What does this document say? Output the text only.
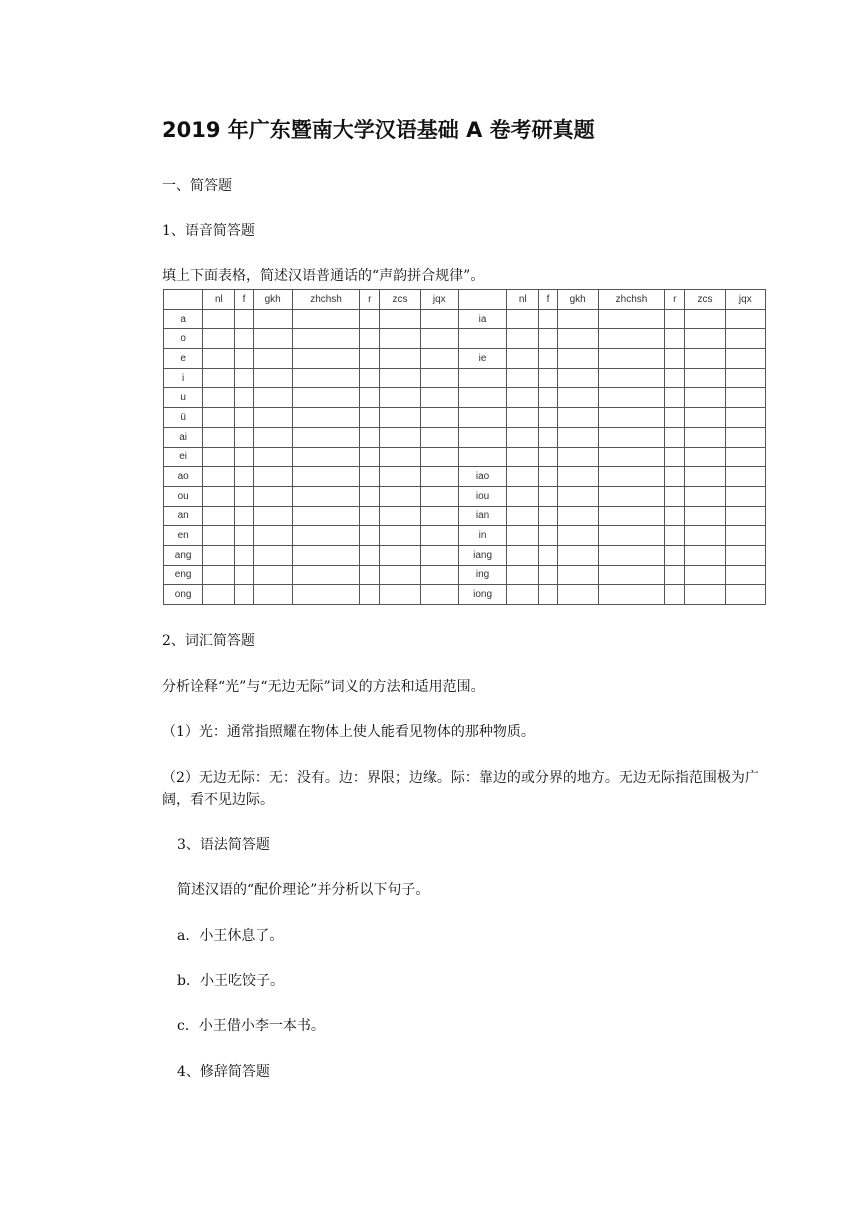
2019 年广东暨南大学汉语基础 A 卷考研真题
一、简答题
1、语音简答题
填上下面表格，简述汉语普通话的“声韵拼合规律”。
	nl	f	gkh	zhchsh	r	zcs	jqx		nl	f	gkh	zhchsh	r	zcs	jqx
a								ia							
o															
e								ie							
i															
u															
ü															
ai															
ei															
ao								iao							
ou								iou							
an								ian							
en								in							
ang								iang							
eng								ing							
ong								iong							
2、词汇简答题
分析诠释“光”与“无边无际”词义的方法和适用范围。
（1）光：通常指照耀在物体上使人能看见物体的那种物质。
（2）无边无际：无：没有。边：界限；边缘。际：靠边的或分界的地方。无边无际指范围极为广阔，看不见边际。
3、语法简答题
简述汉语的“配价理论”并分析以下句子。
a．小王休息了。
b．小王吃饺子。
c．小王借小李一本书。
4、修辞简答题
